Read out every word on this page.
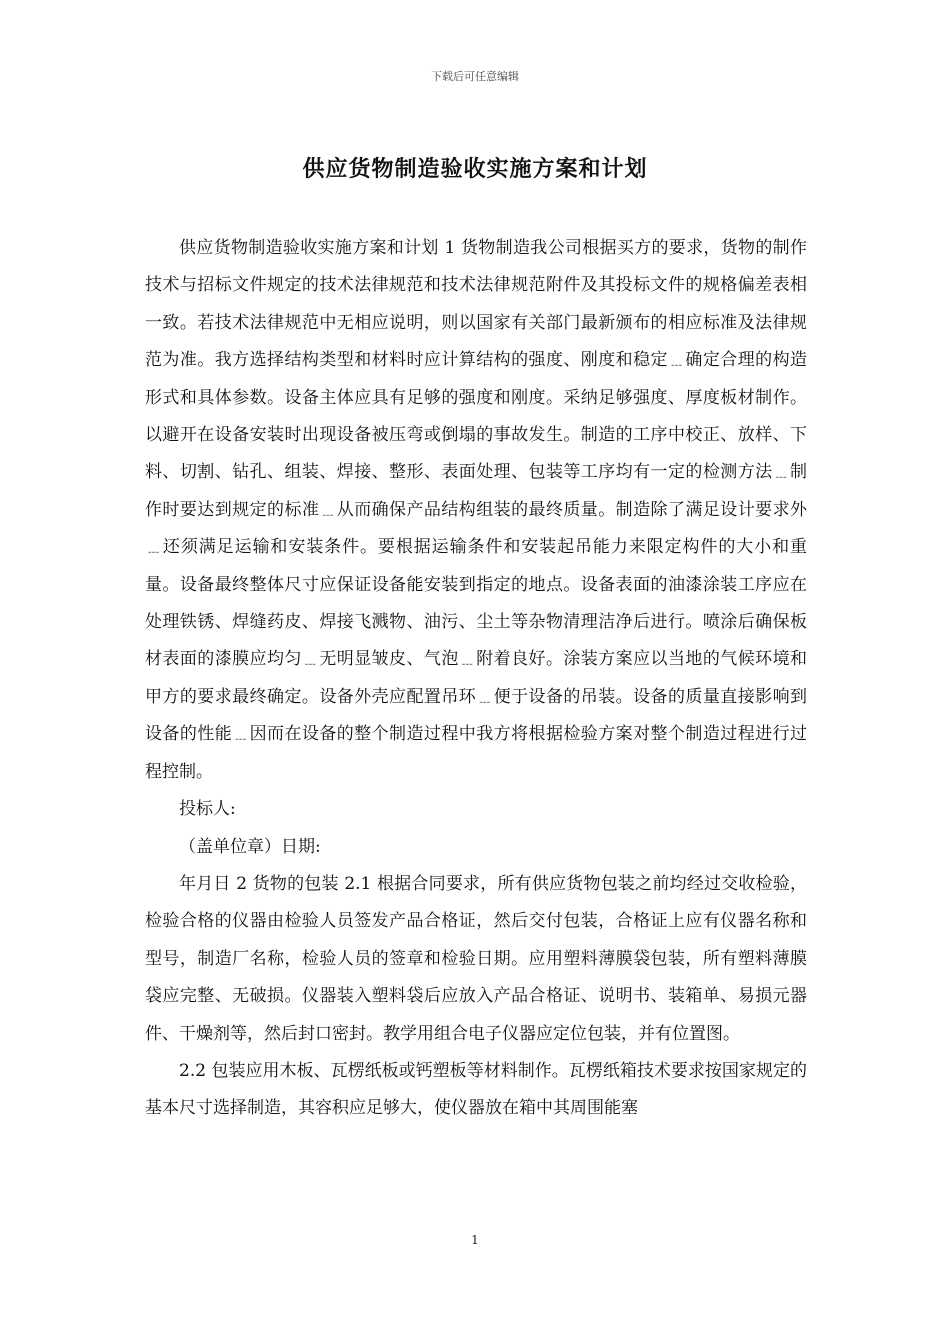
下载后可任意编辑
供应货物制造验收实施方案和计划

供应货物制造验收实施方案和计划 1 货物制造我公司根据买方的要求，货物的制作技术与招标文件规定的技术法律规范和技术法律规范附件及其投标文件的规格偏差表相一致。若技术法律规范中无相应说明，则以国家有关部门最新颁布的相应标准及法律规范为准。我方选择结构类型和材料时应计算结构的强度、刚度和稳定﹍确定合理的构造形式和具体参数。设备主体应具有足够的强度和刚度。采纳足够强度、厚度板材制作。以避开在设备安装时出现设备被压弯或倒塌的事故发生。制造的工序中校正、放样、下料、切割、钻孔、组装、焊接、整形、表面处理、包装等工序均有一定的检测方法﹍制作时要达到规定的标准﹍从而确保产品结构组装的最终质量。制造除了满足设计要求外﹍还须满足运输和安装条件。要根据运输条件和安装起吊能力来限定构件的大小和重量。设备最终整体尺寸应保证设备能安装到指定的地点。设备表面的油漆涂装工序应在处理铁锈、焊缝药皮、焊接飞溅物、油污、尘土等杂物清理洁净后进行。喷涂后确保板材表面的漆膜应均匀﹍无明显皱皮、气泡﹍附着良好。涂装方案应以当地的气候环境和甲方的要求最终确定。设备外壳应配置吊环﹍便于设备的吊装。设备的质量直接影响到设备的性能﹍因而在设备的整个制造过程中我方将根据检验方案对整个制造过程进行过程控制。

投标人:

（盖单位章）日期:

年月日 2 货物的包装 2.1 根据合同要求，所有供应货物包装之前均经过交收检验，检验合格的仪器由检验人员签发产品合格证，然后交付包装，合格证上应有仪器名称和型号，制造厂名称，检验人员的签章和检验日期。应用塑料薄膜袋包装，所有塑料薄膜袋应完整、无破损。仪器装入塑料袋后应放入产品合格证、说明书、装箱单、易损元器件、干燥剂等，然后封口密封。教学用组合电子仪器应定位包装，并有位置图。

2.2 包装应用木板、瓦楞纸板或钙塑板等材料制作。瓦楞纸箱技术要求按国家规定的基本尺寸选择制造，其容积应足够大，使仪器放在箱中其周围能塞

1
